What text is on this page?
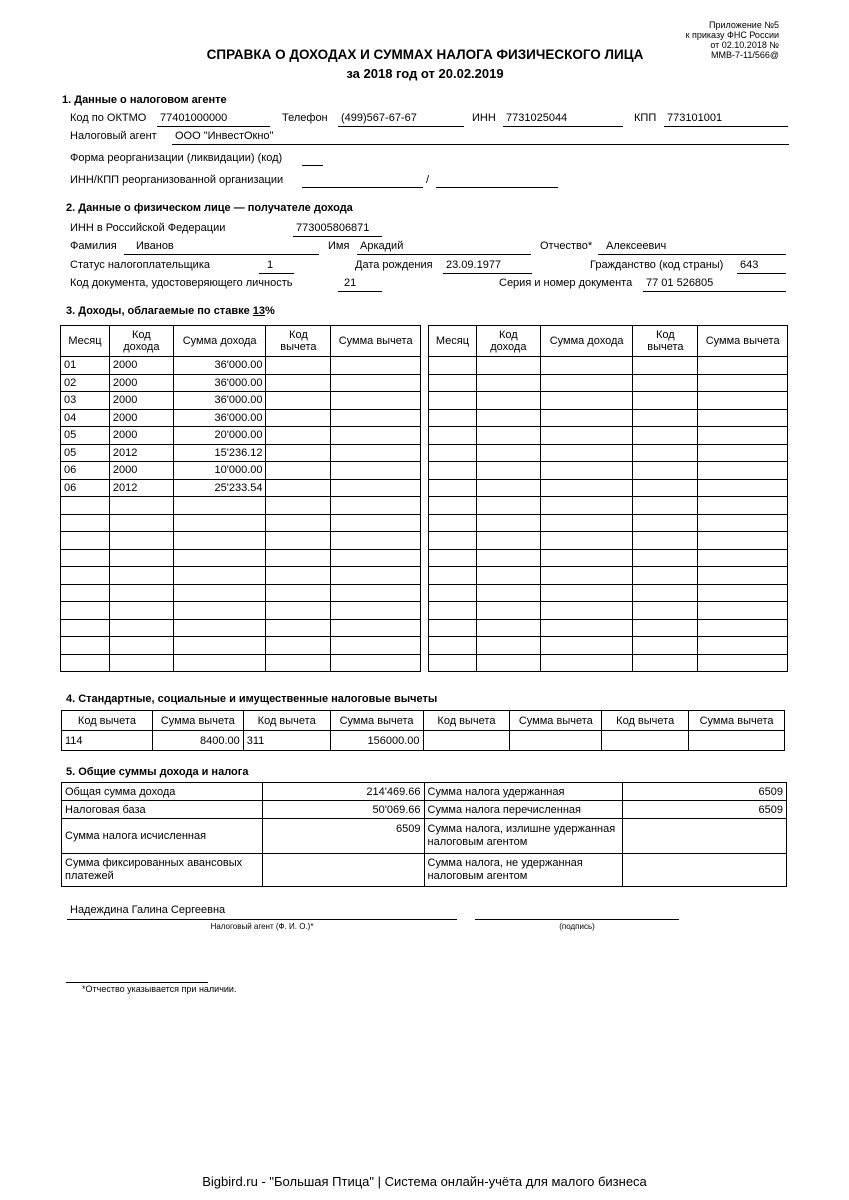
Приложение №5
к приказу ФНС России
от 02.10.2018 №
ММВ-7-11/566@
СПРАВКА О ДОХОДАХ И СУММАХ НАЛОГА ФИЗИЧЕСКОГО ЛИЦА
за 2018 год от 20.02.2019
1. Данные о налоговом агенте
Код по ОКТМО 77401000000	Телефон (499)567-67-67	ИНН 7731025044	КПП 773101001
Налоговый агент ООО "ИнвестОкно"
Форма реорганизации (ликвидации) (код)
ИНН/КПП реорганизованной организации	/
2. Данные о физическом лице — получателе дохода
ИНН в Российской Федерации	773005806871
Фамилия	Иванов	Имя Аркадий	Отчество*	Алексеевич
Статус налогоплательщика	1	Дата рождения 23.09.1977	Гражданство (код страны) 643
Код документа, удостоверяющего личность	21	Серия и номер документа 77 01 526805
3. Доходы, облагаемые по ставке 13%
Месяц	Код дохода	Сумма дохода	Код вычета	Сумма вычета
01	2000	36'000.00		
02	2000	36'000.00		
03	2000	36'000.00		
04	2000	36'000.00		
05	2000	20'000.00		
05	2012	15'236.12		
06	2000	10'000.00		
06	2012	25'233.54		

Месяц	Код дохода	Сумма дохода	Код вычета	Сумма вычета

4. Стандартные, социальные и имущественные налоговые вычеты
Код вычета	Сумма вычета	Код вычета	Сумма вычета	Код вычета	Сумма вычета	Код вычета	Сумма вычета
114	8400.00	311	156000.00				
5. Общие суммы дохода и налога
Общая сумма дохода	214'469.66	Сумма налога удержанная	6509
Налоговая база	50'069.66	Сумма налога перечисленная	6509
Сумма налога исчисленная	6509	Сумма налога, излишне удержанная налоговым агентом	
Сумма фиксированных авансовых платежей		Сумма налога, не удержанная налоговым агентом	
Надеждина Галина Сергеевна
Налоговый агент (Ф. И. О.)*	(подпись)
*Отчество указывается при наличии.
Bigbird.ru - "Большая Птица" | Система онлайн-учёта для малого бизнеса
